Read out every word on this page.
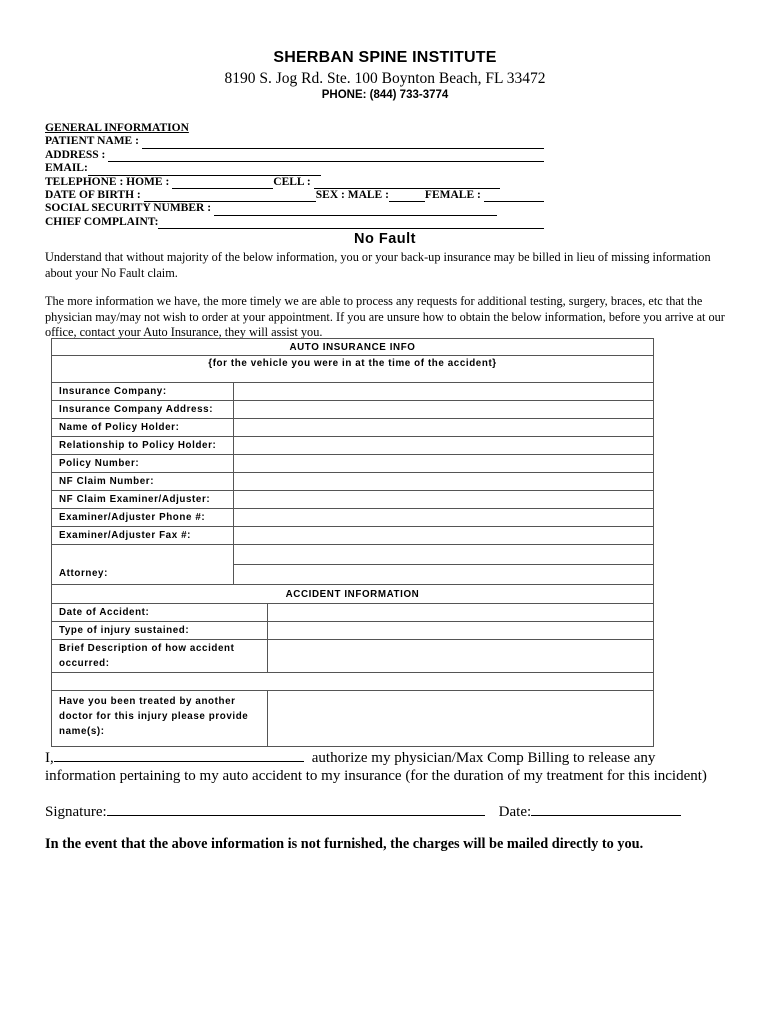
SHERBAN SPINE INSTITUTE
8190 S. Jog Rd. Ste. 100 Boynton Beach, FL 33472
PHONE: (844) 733-3774
GENERAL INFORMATION
PATIENT NAME :
ADDRESS :
EMAIL:
TELEPHONE : HOME :	CELL :
DATE OF BIRTH :	SEX : MALE :	FEMALE :
SOCIAL SECURITY NUMBER :
CHIEF COMPLAINT:
No Fault
Understand that without majority of the below information, you or your back-up insurance may be billed in lieu of missing information about your No Fault claim.
The more information we have, the more timely we are able to process any requests for additional testing, surgery, braces, etc that the physician may/may not wish to order at your appointment. If you are unsure how to obtain the below information, before you arrive at our office, contact your Auto Insurance, they will assist you.
AUTO INSURANCE INFO		
{for the vehicle you were in at the time of the accident}		
Insurance Company:		
Insurance Company Address:		
Name of Policy Holder:		
Relationship to Policy Holder:		
Policy Number:		
NF Claim Number:		
NF Claim Examiner/Adjuster:		
Examiner/Adjuster Phone #:		
Examiner/Adjuster Fax #:		
Attorney:		

ACCIDENT INFORMATION		
Date of Accident:		
Type of injury sustained:		
Brief Description of how accident occurred:		

Have you been treated by another doctor for this injury please provide name(s):		
I,	authorize my physician/Max Comp Billing to release any
information pertaining to my auto accident to my insurance (for the duration of my treatment for this incident)
Signature:	Date:
In the event that the above information is not furnished, the charges will be mailed directly to you.
